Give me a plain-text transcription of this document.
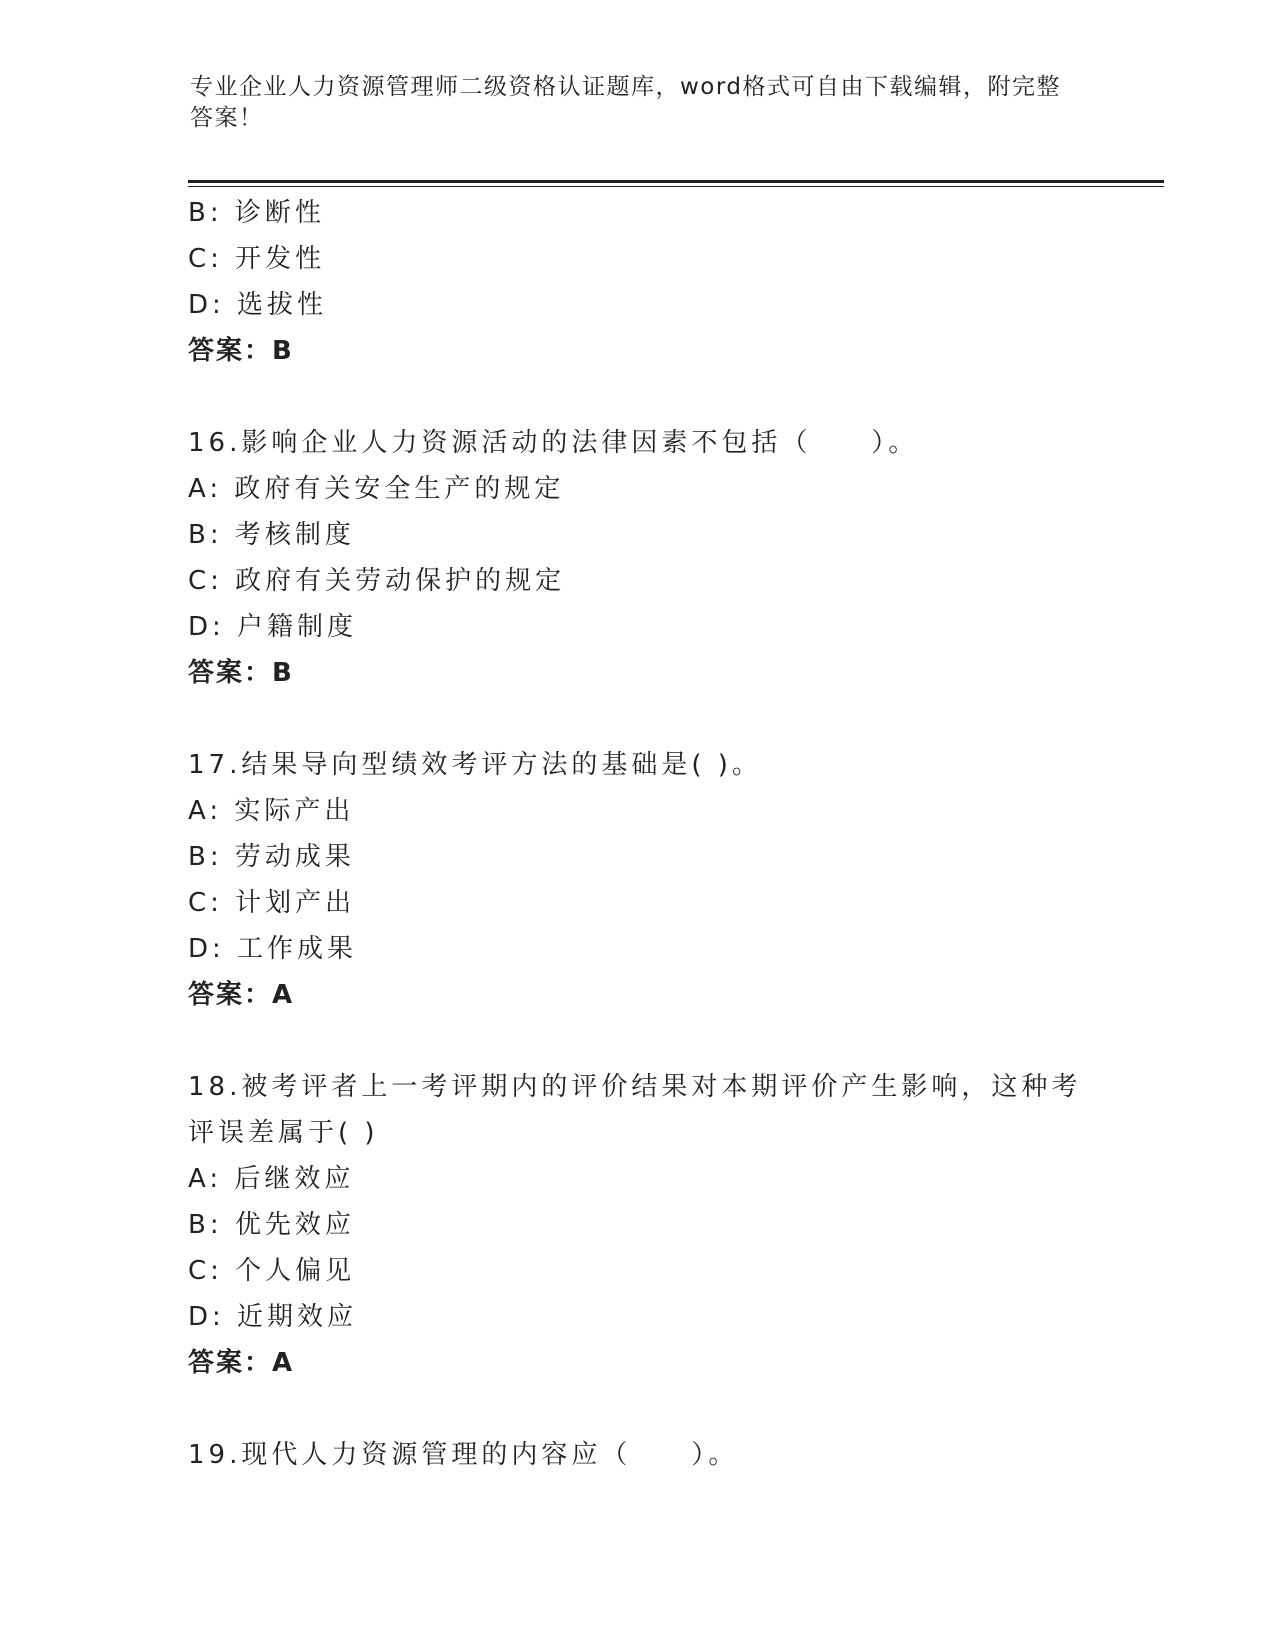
专业企业人力资源管理师二级资格认证题库，word格式可自由下载编辑，附完整答案！
B: 诊断性
C: 开发性
D: 选拔性
答案：B
16.影响企业人力资源活动的法律因素不包括（　　）。
A: 政府有关安全生产的规定
B: 考核制度
C: 政府有关劳动保护的规定
D: 户籍制度
答案：B
17.结果导向型绩效考评方法的基础是( )。
A: 实际产出
B: 劳动成果
C: 计划产出
D: 工作成果
答案：A
18.被考评者上一考评期内的评价结果对本期评价产生影响，这种考评误差属于( )
A: 后继效应
B: 优先效应
C: 个人偏见
D: 近期效应
答案：A
19.现代人力资源管理的内容应（　　）。
